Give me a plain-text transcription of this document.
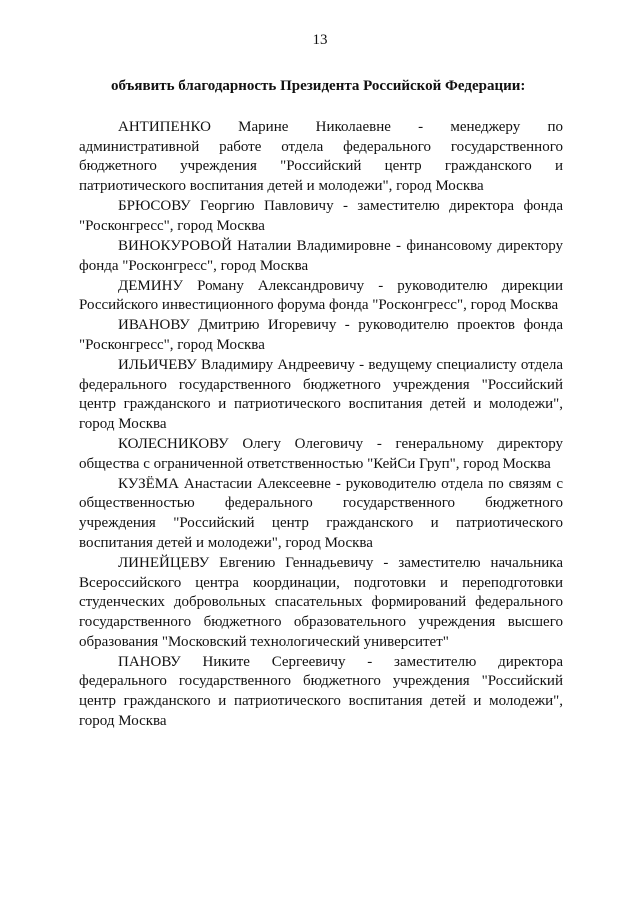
13
объявить благодарность Президента Российской Федерации:

АНТИПЕНКО Марине Николаевне - менеджеру по административной работе отдела федерального государственного бюджетного учреждения "Российский центр гражданского и патриотического воспитания детей и молодежи", город Москва

БРЮСОВУ Георгию Павловичу - заместителю директора фонда "Росконгресс", город Москва

ВИНОКУРОВОЙ Наталии Владимировне - финансовому директору фонда "Росконгресс", город Москва

ДЕМИНУ Роману Александровичу - руководителю дирекции Российского инвестиционного форума фонда "Росконгресс", город Москва

ИВАНОВУ Дмитрию Игоревичу - руководителю проектов фонда "Росконгресс", город Москва

ИЛЬИЧЕВУ Владимиру Андреевичу - ведущему специалисту отдела федерального государственного бюджетного учреждения "Российский центр гражданского и патриотического воспитания детей и молодежи", город Москва

КОЛЕСНИКОВУ Олегу Олеговичу - генеральному директору общества с ограниченной ответственностью "КейСи Груп", город Москва

КУЗЁМА Анастасии Алексеевне - руководителю отдела по связям с общественностью федерального государственного бюджетного учреждения "Российский центр гражданского и патриотического воспитания детей и молодежи", город Москва

ЛИНЕЙЦЕВУ Евгению Геннадьевичу - заместителю начальника Всероссийского центра координации, подготовки и переподготовки студенческих добровольных спасательных формирований федерального государственного бюджетного образовательного учреждения высшего образования "Московский технологический университет"

ПАНОВУ Никите Сергеевичу - заместителю директора федерального государственного бюджетного учреждения "Российский центр гражданского и патриотического воспитания детей и молодежи", город Москва
